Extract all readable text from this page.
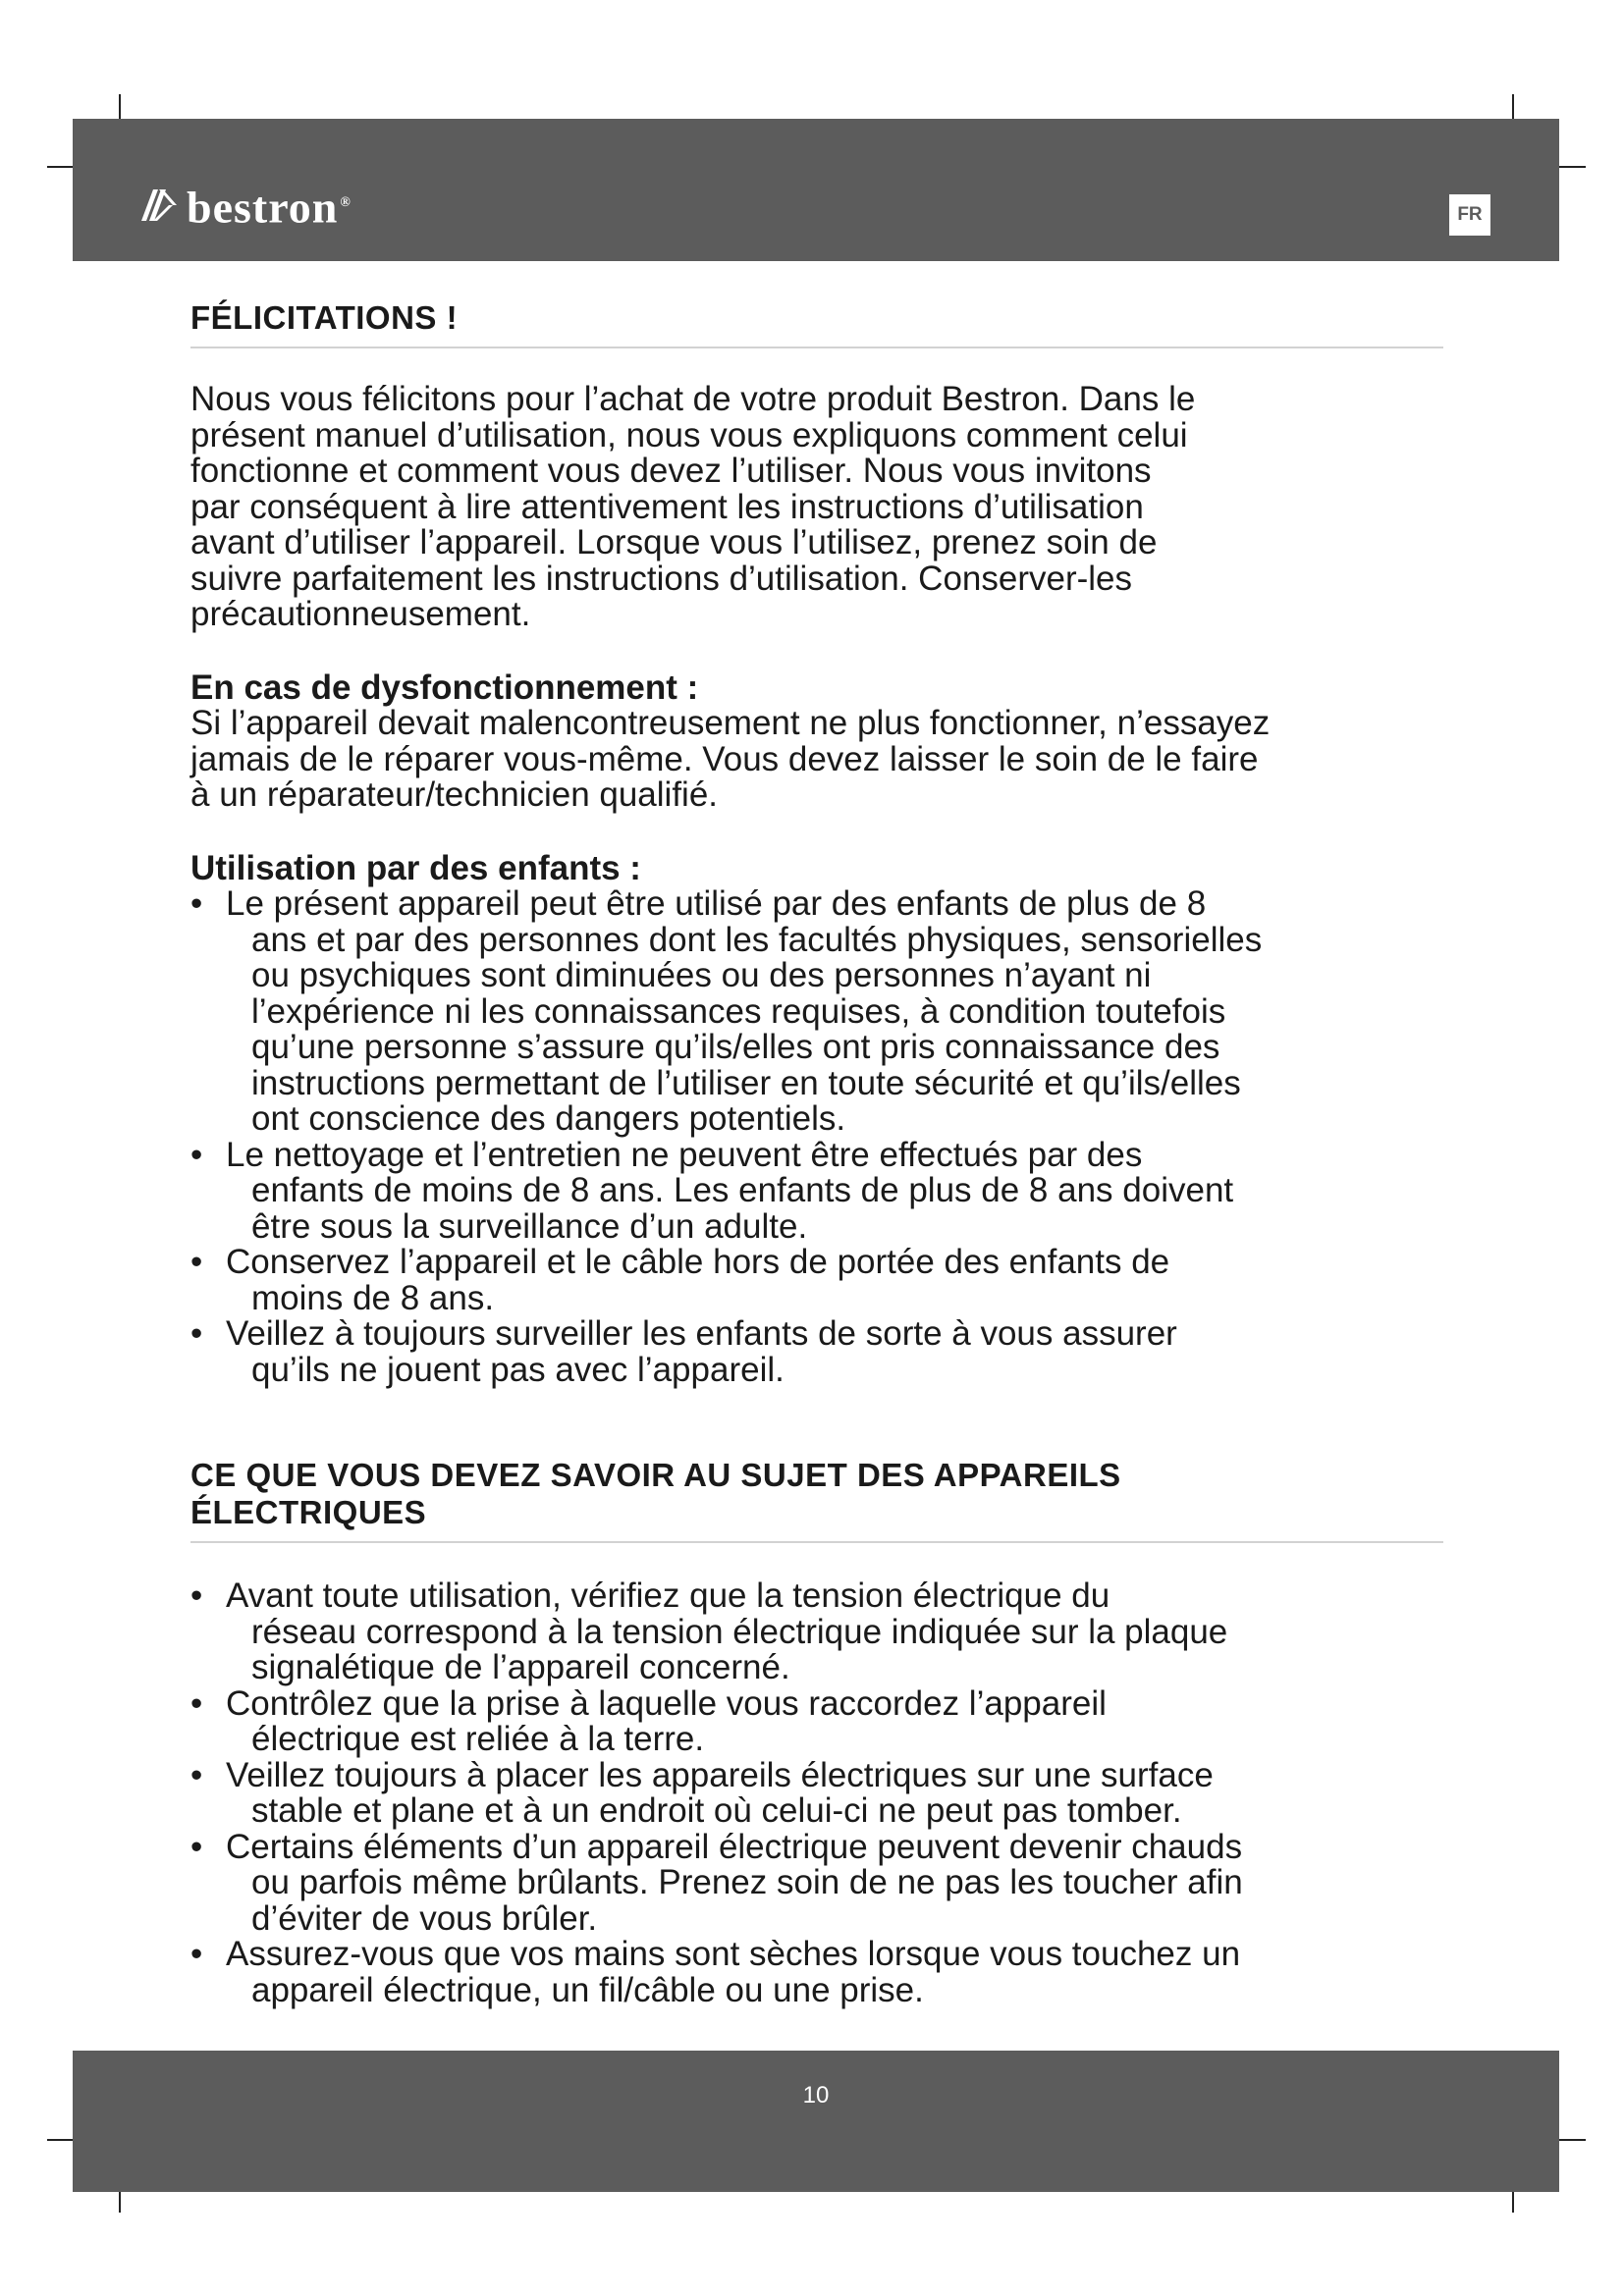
bestron ®
FR
FÉLICITATIONS !

Nous vous félicitons pour l’achat de votre produit Bestron. Dans le
présent manuel d’utilisation, nous vous expliquons comment celui
fonctionne et comment vous devez l’utiliser. Nous vous invitons
par conséquent à lire attentivement les instructions d’utilisation
avant d’utiliser l’appareil. Lorsque vous l’utilisez, prenez soin de
suivre parfaitement les instructions d’utilisation. Conserver-les
précautionneusement.

En cas de dysfonctionnement :

Si l’appareil devait malencontreusement ne plus fonctionner, n’essayez
jamais de le réparer vous-même. Vous devez laisser le soin de le faire
à un réparateur/technicien qualifié.

Utilisation par des enfants :
• Le présent appareil peut être utilisé par des enfants de plus de 8
ans et par des personnes dont les facultés physiques, sensorielles
ou psychiques sont diminuées ou des personnes n’ayant ni
l’expérience ni les connaissances requises, à condition toutefois
qu’une personne s’assure qu’ils/elles ont pris connaissance des
instructions permettant de l’utiliser en toute sécurité et qu’ils/elles
ont conscience des dangers potentiels.
• Le nettoyage et l’entretien ne peuvent être effectués par des
enfants de moins de 8 ans. Les enfants de plus de 8 ans doivent
être sous la surveillance d’un adulte.
• Conservez l’appareil et le câble hors de portée des enfants de
moins de 8 ans.
• Veillez à toujours surveiller les enfants de sorte à vous assurer
qu’ils ne jouent pas avec l’appareil.
CE QUE VOUS DEVEZ SAVOIR AU SUJET DES APPAREILS
ÉLECTRIQUES
• Avant toute utilisation, vérifiez que la tension électrique du
réseau correspond à la tension électrique indiquée sur la plaque
signalétique de l’appareil concerné.
• Contrôlez que la prise à laquelle vous raccordez l’appareil
électrique est reliée à la terre.
• Veillez toujours à placer les appareils électriques sur une surface
stable et plane et à un endroit où celui-ci ne peut pas tomber.
• Certains éléments d’un appareil électrique peuvent devenir chauds
ou parfois même brûlants. Prenez soin de ne pas les toucher afin
d’éviter de vous brûler.
• Assurez-vous que vos mains sont sèches lorsque vous touchez un
appareil électrique, un fil/câble ou une prise.
10
